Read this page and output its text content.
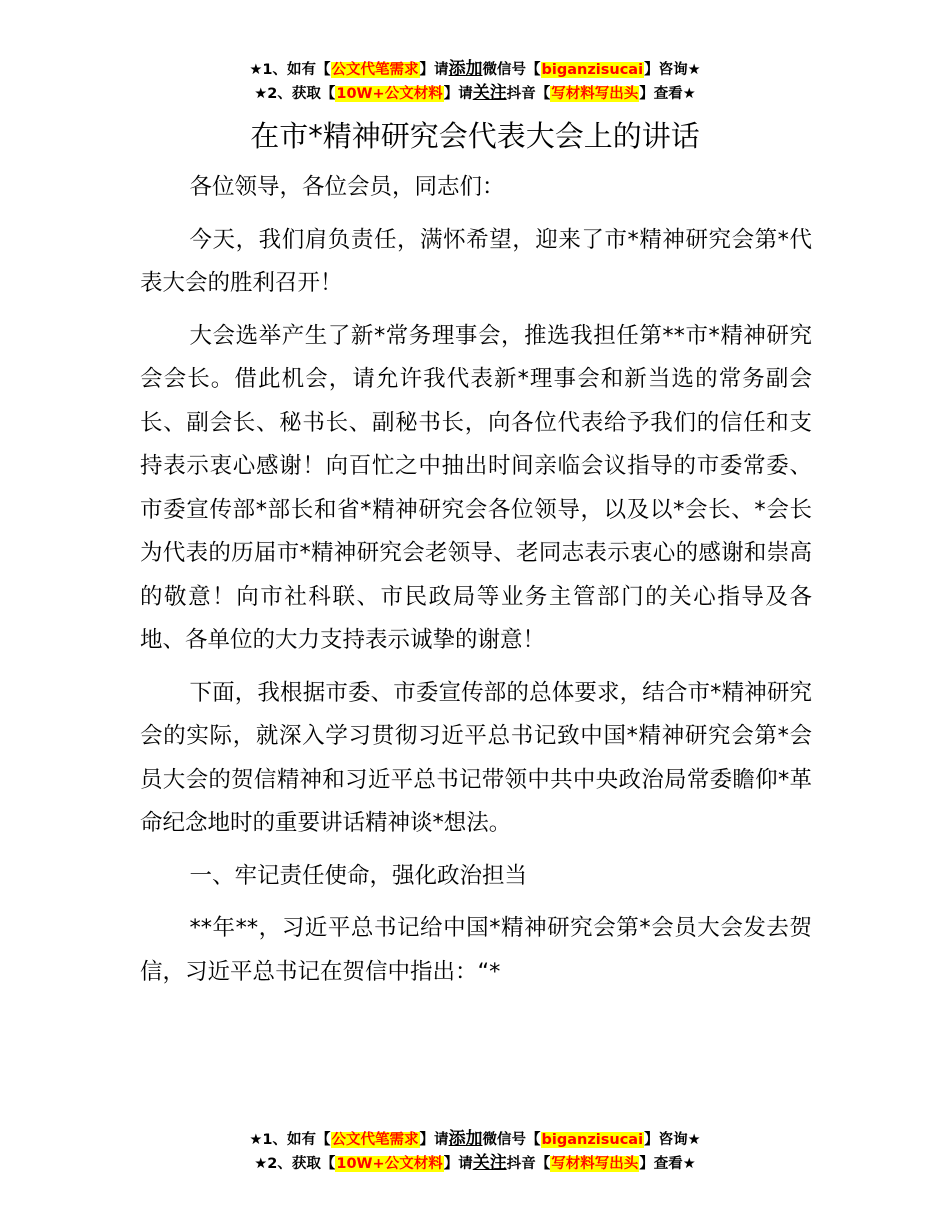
★1、如有【公文代笔需求】请添加微信号【biganzisucai】咨询★
★2、获取【10W+公文材料】请关注抖音【写材料写出头】查看★
在市*精神研究会代表大会上的讲话

各位领导，各位会员，同志们：

今天，我们肩负责任，满怀希望，迎来了市*精神研究会第*代表大会的胜利召开！

大会选举产生了新*常务理事会，推选我担任第**市*精神研究会会长。借此机会，请允许我代表新*理事会和新当选的常务副会长、副会长、秘书长、副秘书长，向各位代表给予我们的信任和支持表示衷心感谢！向百忙之中抽出时间亲临会议指导的市委常委、市委宣传部*部长和省*精神研究会各位领导，以及以*会长、*会长为代表的历届市*精神研究会老领导、老同志表示衷心的感谢和崇高的敬意！向市社科联、市民政局等业务主管部门的关心指导及各地、各单位的大力支持表示诚挚的谢意！

下面，我根据市委、市委宣传部的总体要求，结合市*精神研究会的实际，就深入学习贯彻习近平总书记致中国*精神研究会第*会员大会的贺信精神和习近平总书记带领中共中央政治局常委瞻仰*革命纪念地时的重要讲话精神谈*想法。

一、牢记责任使命，强化政治担当

**年**，习近平总书记给中国*精神研究会第*会员大会发去贺信，习近平总书记在贺信中指出：“*

★1、如有【公文代笔需求】请添加微信号【biganzisucai】咨询★
★2、获取【10W+公文材料】请关注抖音【写材料写出头】查看★
